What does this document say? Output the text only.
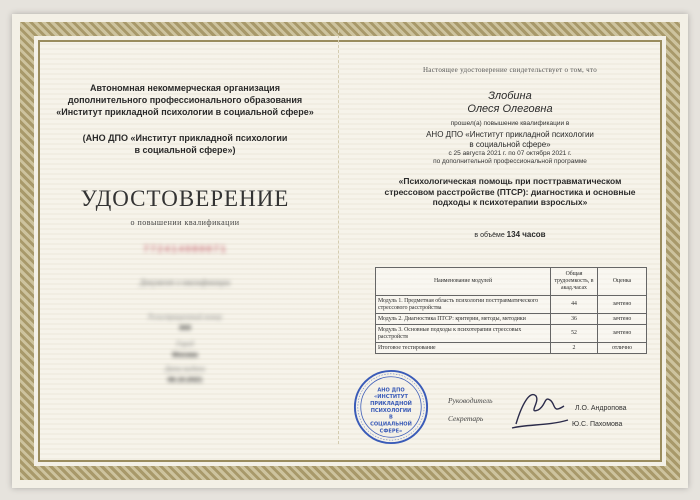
Автономная некоммерческая организация
дополнительного профессионального образования
«Институт прикладной психологии в социальной сфере»
(АНО ДПО «Институт прикладной психологии
в социальной сфере»)
УДОСТОВЕРЕНИЕ
о повышении квалификации
772414080071
Документ о квалификации
Регистрационный номер
069
Город
Москва
Дата выдачи
08.10.2021
Настоящее удостоверение свидетельствует о том, что
Злобина
Олеся Олеговна
прошел(а) повышение квалификации в
АНО ДПО «Институт прикладной психологии
в социальной сфере»
с 25 августа 2021 г. по 07 октября 2021 г.
по дополнительной профессиональной программе
«Психологическая помощь при посттравматическом
стрессовом расстройстве (ПТСР): диагностика и основные
подходы к психотерапии взрослых»
в объёме 134 часов
Наименование модулей	Общая трудоемкость, в акад.часах	Оценка
Модуль 1. Предметная область психологии посттравматического стрессового расстройства	44	зачтено
Модуль 2. Диагностика ПТСР: критерии, методы, методики	36	зачтено
Модуль 3. Основные подходы к психотерапии стрессовых расстройств	52	зачтено
Итоговое тестирование	2	отлично
АНО ДПО
«ИНСТИТУТ
ПРИКЛАДНОЙ
ПСИХОЛОГИИ
В
СОЦИАЛЬНОЙ
СФЕРЕ»
Руководитель
Секретарь
Л.О. Андропова
Ю.С. Пахомова
